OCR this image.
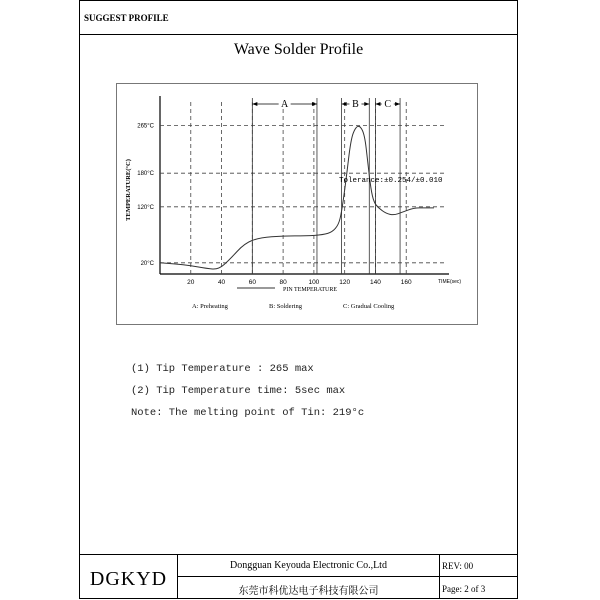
SUGGEST PROFILE
Wave Solder Profile
20	40	60	80	100	120	140	160	TIME(sec)
20°C
120°C
180°C
265°C
TEMPERATURE(°C)
A	B	C
Tolerance:±0.254/±0.010
PIN TEMPERATURE
A: Preheating	B: Soldering	C: Gradual Cooling
(1) Tip Temperature : 265 max
(2) Tip Temperature time: 5sec max
Note: The melting point of Tin: 219°c
DGKYD
Dongguan Keyouda Electronic Co.,Ltd
东莞市科优达电子科技有限公司
REV: 00
Page: 2 of 3
